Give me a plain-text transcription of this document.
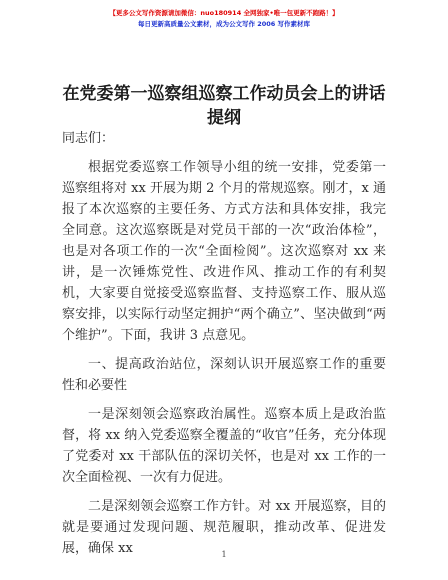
【更多公文写作资源请加微信：nuo180914 全网独家•唯一包更新不跑路！】
每日更新高质量公文素材，成为公文写作 2006 写作素材库
在党委第一巡察组巡察工作动员会上的讲话提纲

同志们：

根据党委巡察工作领导小组的统一安排，党委第一巡察组将对 xx 开展为期 2 个月的常规巡察。刚才，x 通报了本次巡察的主要任务、方式方法和具体安排，我完全同意。这次巡察既是对党员干部的一次“政治体检”，也是对各项工作的一次“全面检阅”。这次巡察对 xx 来讲，是一次锤炼党性、改进作风、推动工作的有利契机，大家要自觉接受巡察监督、支持巡察工作、服从巡察安排，以实际行动坚定拥护“两个确立”、坚决做到“两个维护”。下面，我讲 3 点意见。

一、提高政治站位，深刻认识开展巡察工作的重要性和必要性

一是深刻领会巡察政治属性。巡察本质上是政治监督，将 xx 纳入党委巡察全覆盖的“收官”任务，充分体现了党委对 xx 干部队伍的深切关怀，也是对 xx 工作的一次全面检视、一次有力促进。

二是深刻领会巡察工作方针。对 xx 开展巡察，目的就是要通过发现问题、规范履职，推动改革、促进发展，确保 xx	1
